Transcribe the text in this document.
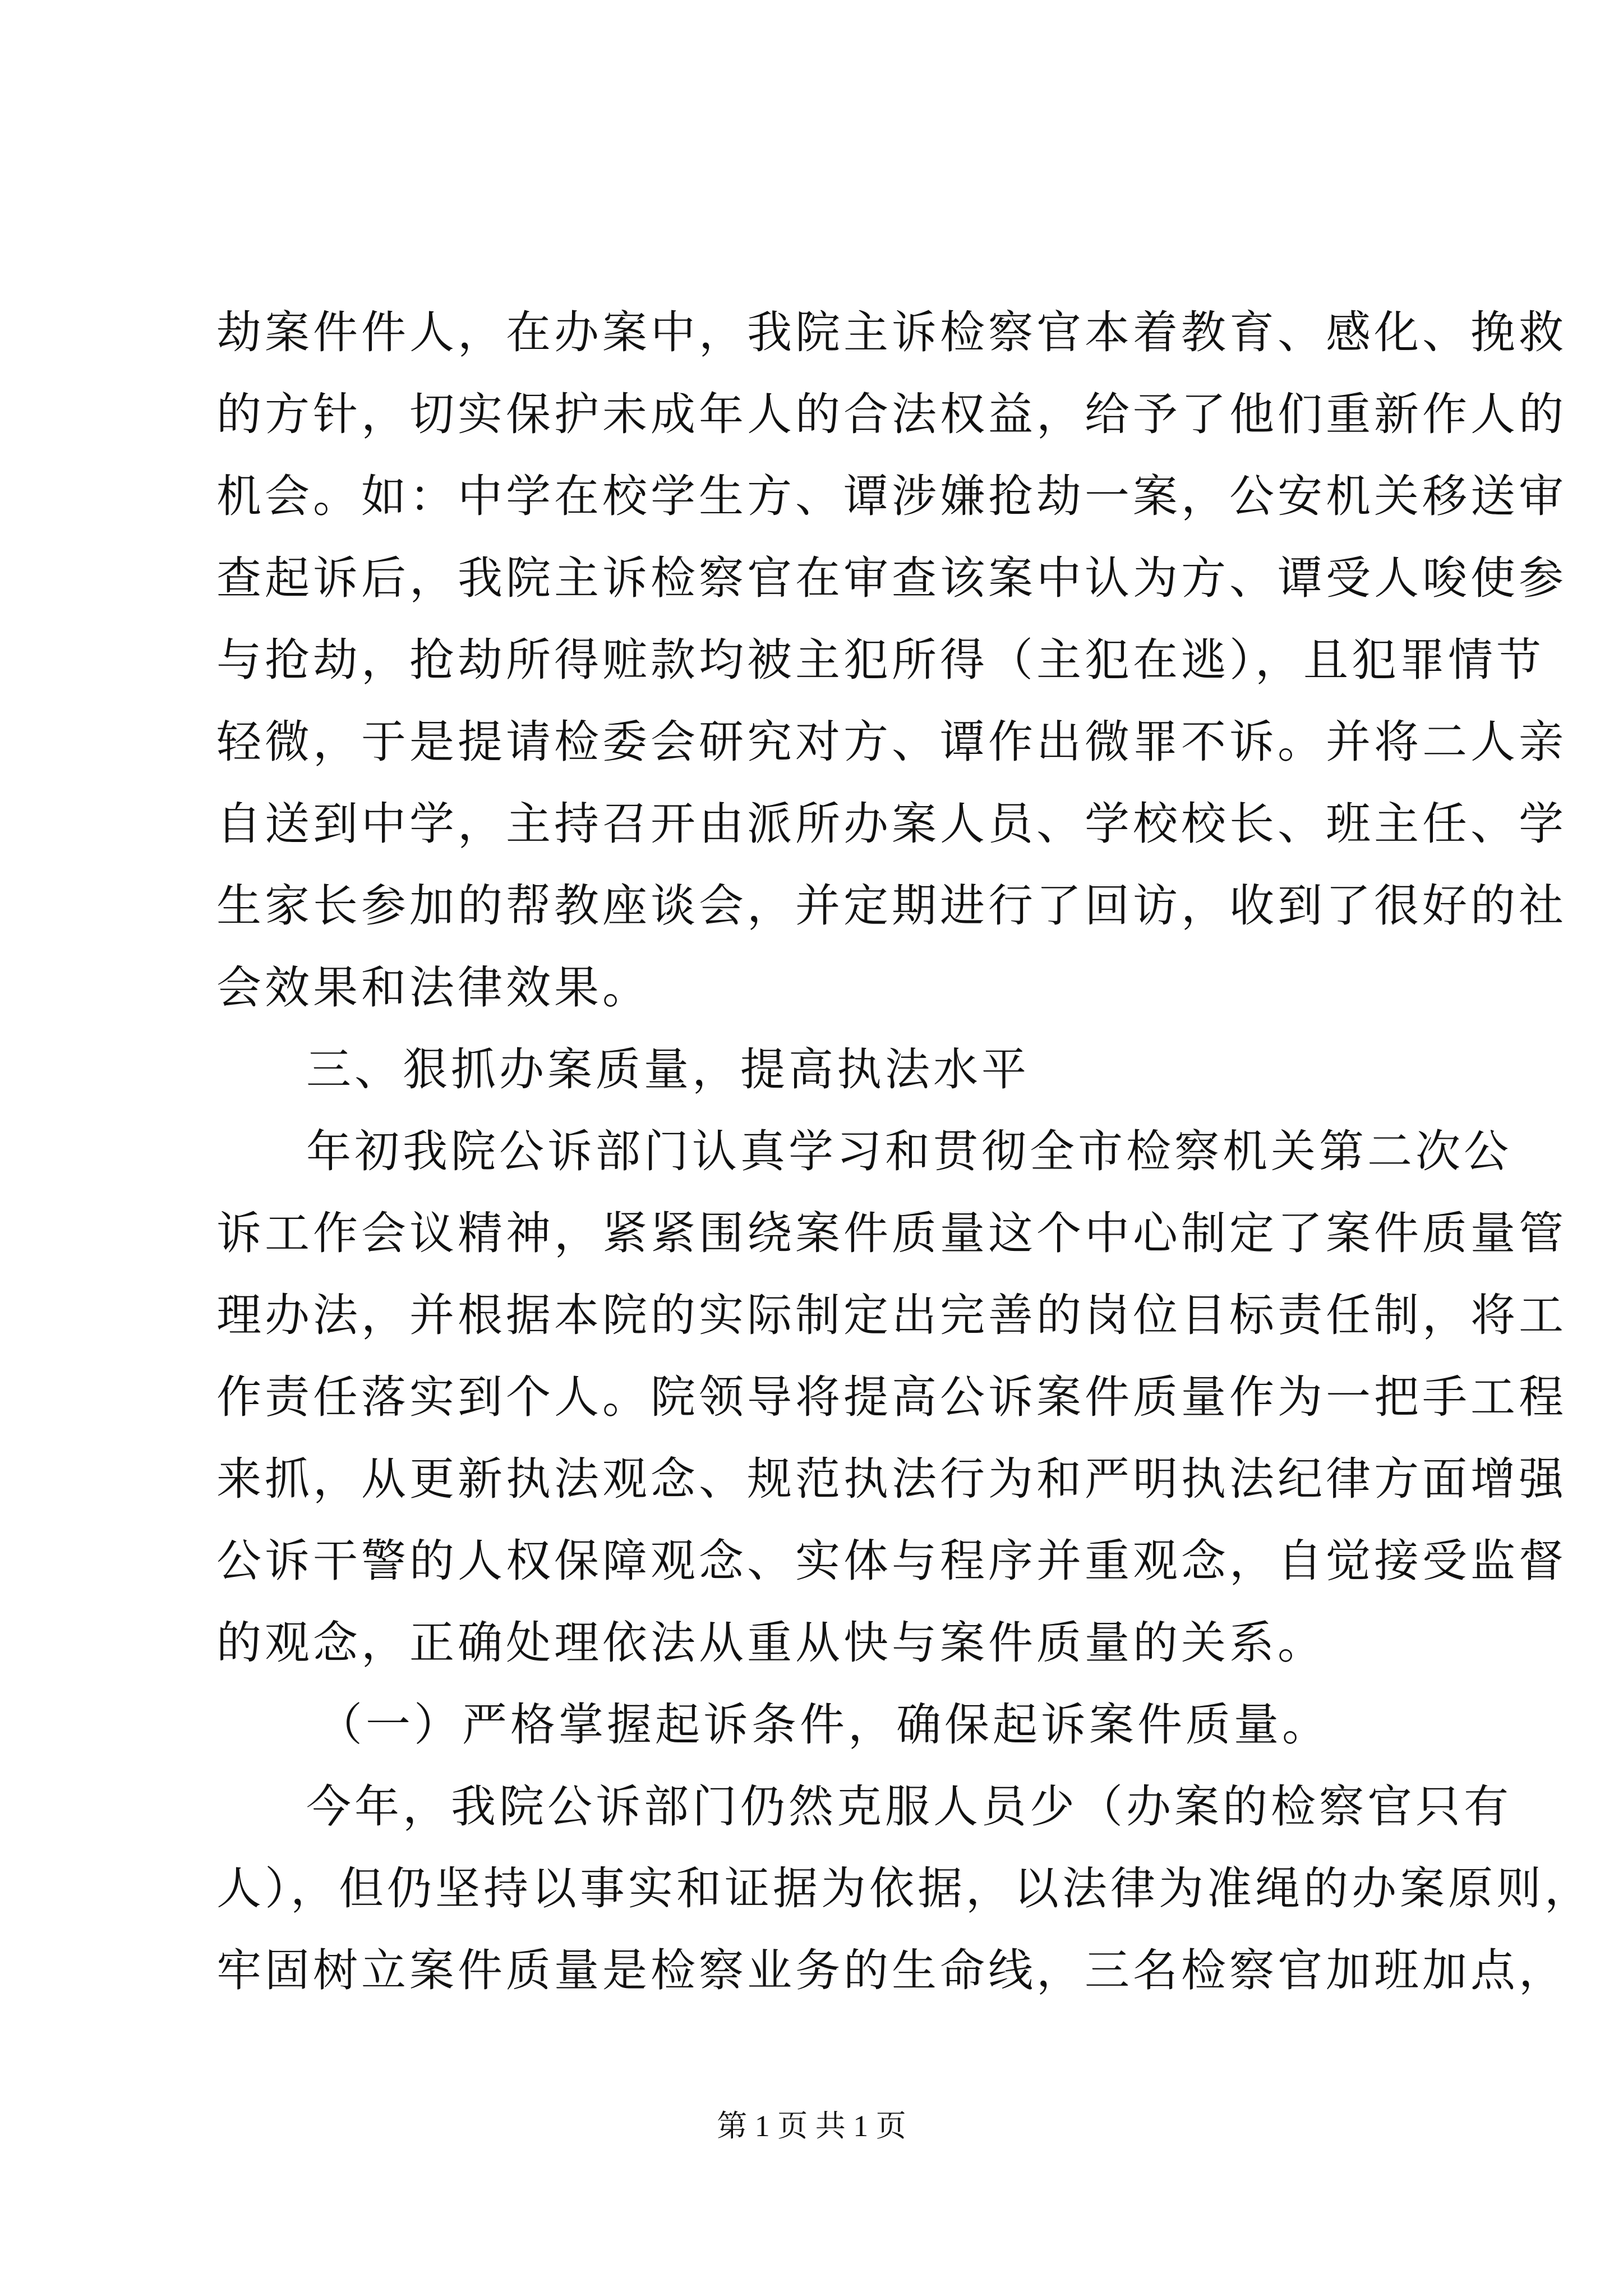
劫案件件人，在办案中，我院主诉检察官本着教育、感化、挽救
的方针，切实保护未成年人的合法权益，给予了他们重新作人的
机会。如：中学在校学生方、谭涉嫌抢劫一案，公安机关移送审
查起诉后，我院主诉检察官在审查该案中认为方、谭受人唆使参
与抢劫，抢劫所得赃款均被主犯所得（主犯在逃），且犯罪情节
轻微，于是提请检委会研究对方、谭作出微罪不诉。并将二人亲
自送到中学，主持召开由派所办案人员、学校校长、班主任、学
生家长参加的帮教座谈会，并定期进行了回访，收到了很好的社
会效果和法律效果。
三、狠抓办案质量，提高执法水平
年初我院公诉部门认真学习和贯彻全市检察机关第二次公
诉工作会议精神，紧紧围绕案件质量这个中心制定了案件质量管
理办法，并根据本院的实际制定出完善的岗位目标责任制，将工
作责任落实到个人。院领导将提高公诉案件质量作为一把手工程
来抓，从更新执法观念、规范执法行为和严明执法纪律方面增强
公诉干警的人权保障观念、实体与程序并重观念，自觉接受监督
的观念，正确处理依法从重从快与案件质量的关系。
（一）严格掌握起诉条件，确保起诉案件质量。
今年，我院公诉部门仍然克服人员少（办案的检察官只有
人），但仍坚持以事实和证据为依据，以法律为准绳的办案原则，
牢固树立案件质量是检察业务的生命线，三名检察官加班加点，
第 1 页 共 1 页
